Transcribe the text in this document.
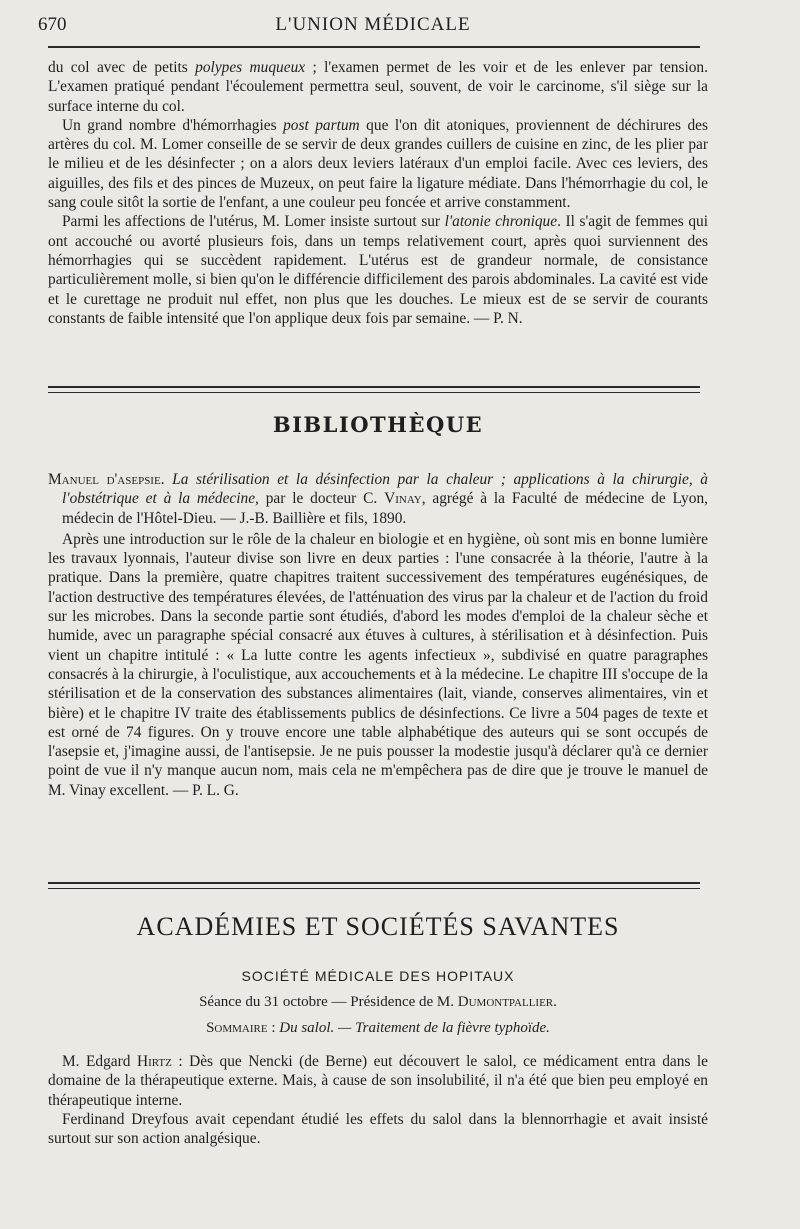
670	L'UNION MÉDICALE

du col avec de petits polypes muqueux ; l'examen permet de les voir et de les enlever par tension. L'examen pratiqué pendant l'écoulement permettra seul, souvent, de voir le carcinome, s'il siège sur la surface interne du col.

Un grand nombre d'hémorrhagies post partum que l'on dit atoniques, proviennent de déchirures des artères du col. M. Lomer conseille de se servir de deux grandes cuillers de cuisine en zinc, de les plier par le milieu et de les désinfecter ; on a alors deux leviers latéraux d'un emploi facile. Avec ces leviers, des aiguilles, des fils et des pinces de Muzeux, on peut faire la ligature médiate. Dans l'hémorrhagie du col, le sang coule sitôt la sortie de l'enfant, a une couleur peu foncée et arrive constamment.

Parmi les affections de l'utérus, M. Lomer insiste surtout sur l'atonie chronique. Il s'agit de femmes qui ont accouché ou avorté plusieurs fois, dans un temps relativement court, après quoi surviennent des hémorrhagies qui se succèdent rapidement. L'utérus est de grandeur normale, de consistance particulièrement molle, si bien qu'on le différencie difficilement des parois abdominales. La cavité est vide et le curettage ne produit nul effet, non plus que les douches. Le mieux est de se servir de courants constants de faible intensité que l'on applique deux fois par semaine. — P. N.

BIBLIOTHÈQUE

Manuel d'asepsie. La stérilisation et la désinfection par la chaleur ; applications à la chirurgie, à l'obstétrique et à la médecine, par le docteur C. Vinay, agrégé à la Faculté de médecine de Lyon, médecin de l'Hôtel-Dieu. — J.-B. Baillière et fils, 1890.

Après une introduction sur le rôle de la chaleur en biologie et en hygiène, où sont mis en bonne lumière les travaux lyonnais, l'auteur divise son livre en deux parties : l'une consacrée à la théorie, l'autre à la pratique. Dans la première, quatre chapitres traitent successivement des températures eugénésiques, de l'action destructive des températures élevées, de l'atténuation des virus par la chaleur et de l'action du froid sur les microbes. Dans la seconde partie sont étudiés, d'abord les modes d'emploi de la chaleur sèche et humide, avec un paragraphe spécial consacré aux étuves à cultures, à stérilisation et à désinfection. Puis vient un chapitre intitulé : « La lutte contre les agents infectieux », subdivisé en quatre paragraphes consacrés à la chirurgie, à l'oculistique, aux accouchements et à la médecine. Le chapitre III s'occupe de la stérilisation et de la conservation des substances alimentaires (lait, viande, conserves alimentaires, vin et bière) et le chapitre IV traite des établissements publics de désinfections. Ce livre a 504 pages de texte et est orné de 74 figures. On y trouve encore une table alphabétique des auteurs qui se sont occupés de l'asepsie et, j'imagine aussi, de l'antisepsie. Je ne puis pousser la modestie jusqu'à déclarer qu'à ce dernier point de vue il n'y manque aucun nom, mais cela ne m'empêchera pas de dire que je trouve le manuel de M. Vinay excellent. — P. L. G.

ACADÉMIES ET SOCIÉTÉS SAVANTES
SOCIÉTÉ MÉDICALE DES HOPITAUX
Séance du 31 octobre — Présidence de M. Dumontpallier.
Sommaire : Du salol. — Traitement de la fièvre typhoïde.

M. Edgard Hirtz : Dès que Nencki (de Berne) eut découvert le salol, ce médicament entra dans le domaine de la thérapeutique externe. Mais, à cause de son insolubilité, il n'a été que bien peu employé en thérapeutique interne.

Ferdinand Dreyfous avait cependant étudié les effets du salol dans la blennorrhagie et avait insisté surtout sur son action analgésique.
